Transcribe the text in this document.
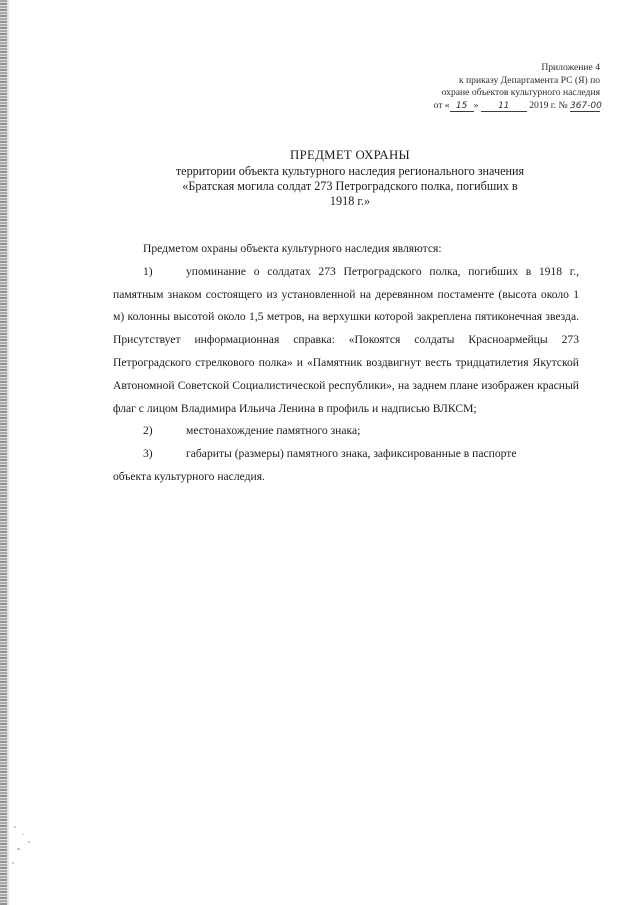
Приложение 4
к приказу Департамента РС (Я) по
охране объектов культурного наследия
от « 15 » 11 2019 г. № 367-00
ПРЕДМЕТ ОХРАНЫ
территории объекта культурного наследия регионального значения
«Братская могила солдат 273 Петроградского полка, погибших в
1918 г.»

Предметом охраны объекта культурного наследия являются:

1)	упоминание о солдатах 273 Петроградского полка, погибших в 1918 г.,

памятным знаком состоящего из установленной на деревянном постаменте (высота около 1 м) колонны высотой около 1,5 метров, на верхушки которой закреплена пятиконечная звезда. Присутствует информационная справка: «Покоятся солдаты Красноармейцы 273 Петроградского стрелкового полка» и «Памятник воздвигнут весть тридцатилетия Якутской Автономной Советской Социалистической республики», на заднем плане изображен красный флаг с лицом Владимира Ильича Ленина в профиль и надписью ВЛКСМ;

2)	местонахождение памятного знака;
3)	габариты (размеры) памятного знака, зафиксированные в паспорте

объекта культурного наследия.
